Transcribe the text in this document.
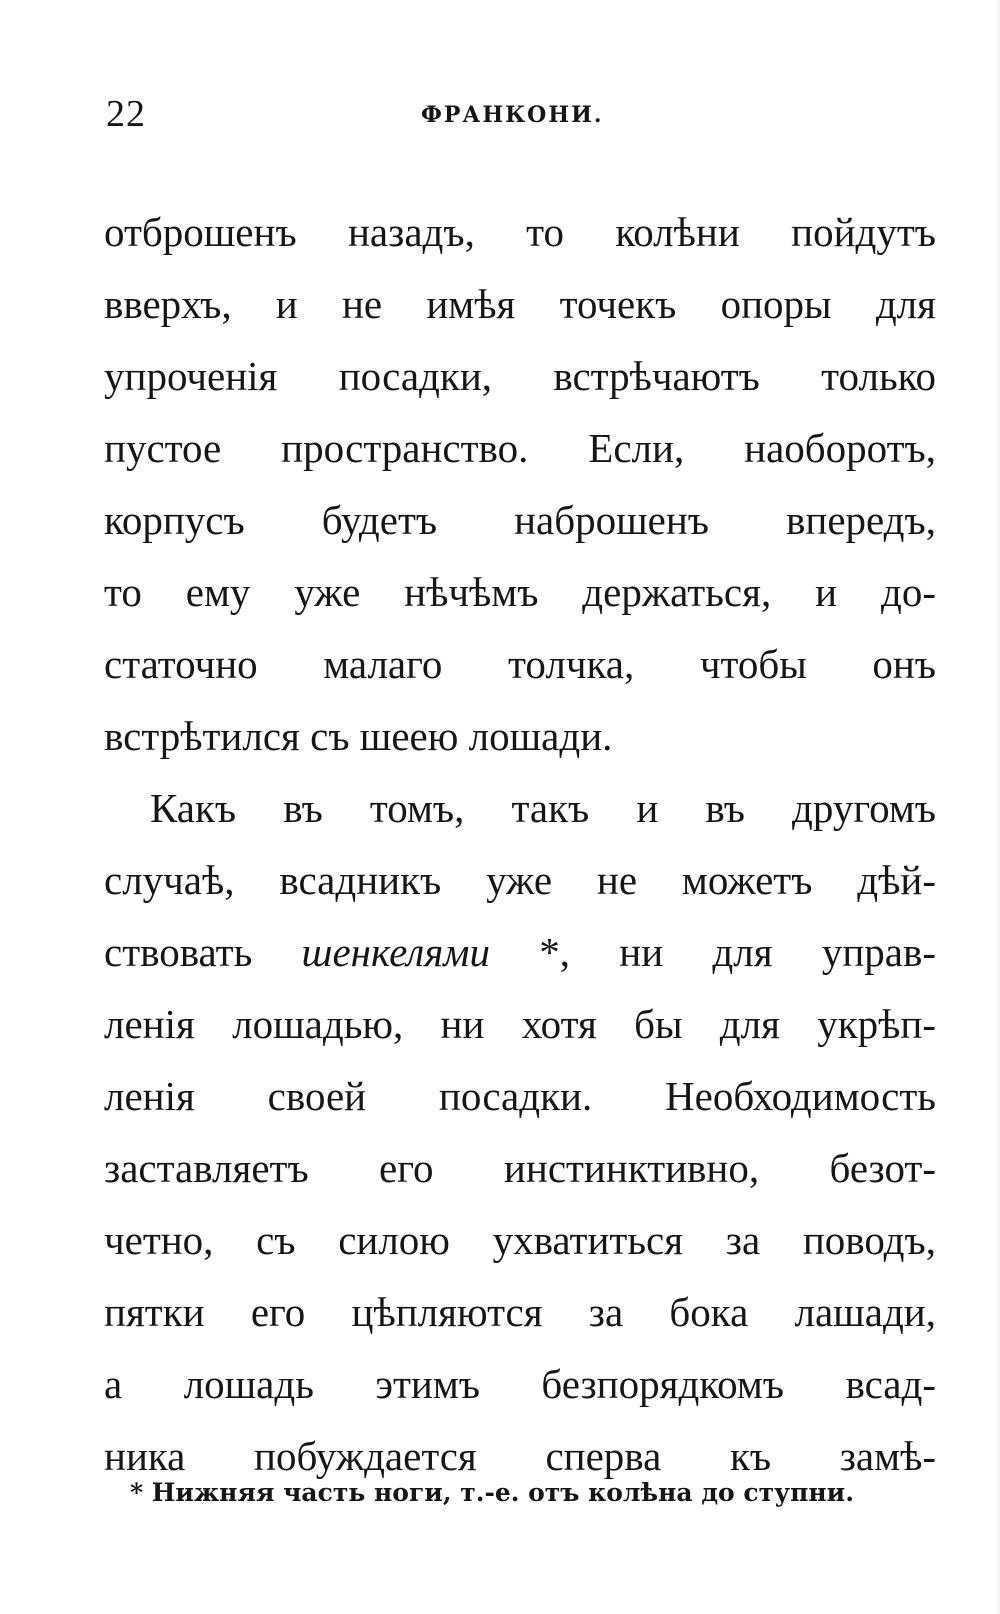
22	ФРАНКОНИ.
отброшенъ назадъ, то колѣни пойдутъ
вверхъ, и не имѣя точекъ опоры для
упроченія посадки, встрѣчаютъ только
пустое пространство. Если, наоборотъ,
корпусъ будетъ наброшенъ впередъ,
то ему уже нѣчѣмъ держаться, и до-
статочно малаго толчка, чтобы онъ
встрѣтился съ шеею лошади.
Какъ въ томъ, такъ и въ другомъ
случаѣ, всадникъ уже не можетъ дѣй-
ствовать шенкелями *, ни для управ-
ленія лошадью, ни хотя бы для укрѣп-
ленія своей посадки. Необходимость
заставляетъ его инстинктивно, безот-
четно, съ силою ухватиться за поводъ,
пятки его цѣпляются за бока лашади,
а лошадь этимъ безпорядкомъ всад-
ника побуждается сперва къ замѣ-
* Нижняя часть ноги, т.-е. отъ колѣна до ступни.
